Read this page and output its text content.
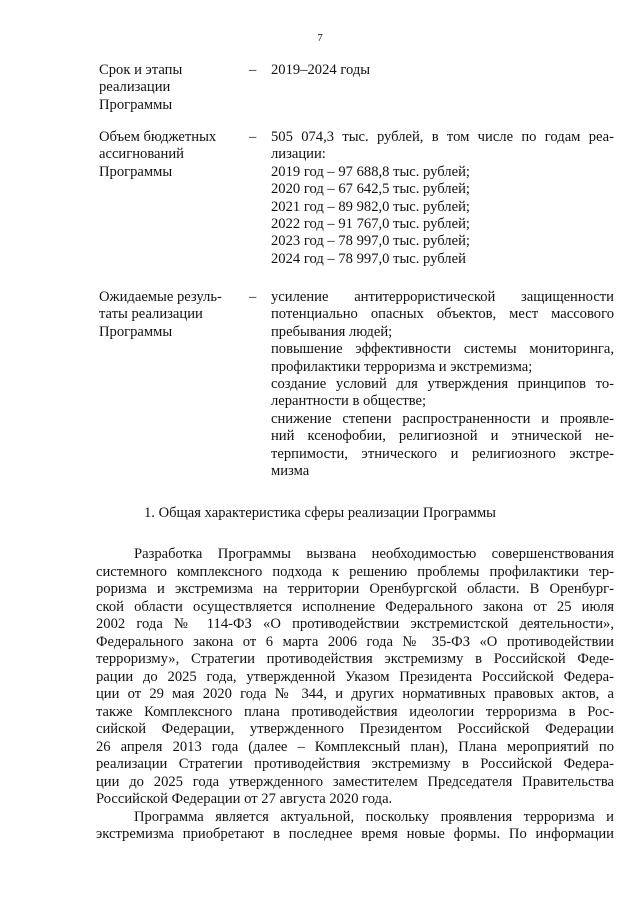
7
Срок и этапы
реализации
Программы
– 2019–2024 годы
Объем бюджетных
ассигнований
Программы
– 505 074,3 тыс. рублей, в том числе по годам реа-
лизации:
2019 год – 97 688,8 тыс. рублей;
2020 год – 67 642,5 тыс. рублей;
2021 год – 89 982,0 тыс. рублей;
2022 год – 91 767,0 тыс. рублей;
2023 год – 78 997,0 тыс. рублей;
2024 год – 78 997,0 тыс. рублей
Ожидаемые резуль-
таты реализации
Программы
– усиление антитеррористической защищенности
потенциально опасных объектов, мест массового
пребывания людей;
повышение эффективности системы мониторинга,
профилактики терроризма и экстремизма;
создание условий для утверждения принципов то-
лерантности в обществе;
снижение степени распространенности и проявле-
ний ксенофобии, религиозной и этнической не-
терпимости, этнического и религиозного экстре-
мизма
1. Общая характеристика сферы реализации Программы
Разработка Программы вызвана необходимостью совершенствования
системного комплексного подхода к решению проблемы профилактики тер-
роризма и экстремизма на территории Оренбургской области. В Оренбург-
ской области осуществляется исполнение Федерального закона от 25 июля
2002 года № 114-ФЗ «О противодействии экстремистской деятельности»,
Федерального закона от 6 марта 2006 года № 35-ФЗ «О противодействии
терроризму», Стратегии противодействия экстремизму в Российской Феде-
рации до 2025 года, утвержденной Указом Президента Российской Федера-
ции от 29 мая 2020 года № 344, и других нормативных правовых актов, а
также Комплексного плана противодействия идеологии терроризма в Рос-
сийской Федерации, утвержденного Президентом Российской Федерации
26 апреля 2013 года (далее – Комплексный план), Плана мероприятий по
реализации Стратегии противодействия экстремизму в Российской Федера-
ции до 2025 года утвержденного заместителем Председателя Правительства
Российской Федерации от 27 августа 2020 года.
Программа является актуальной, поскольку проявления терроризма и
экстремизма приобретают в последнее время новые формы. По информации
